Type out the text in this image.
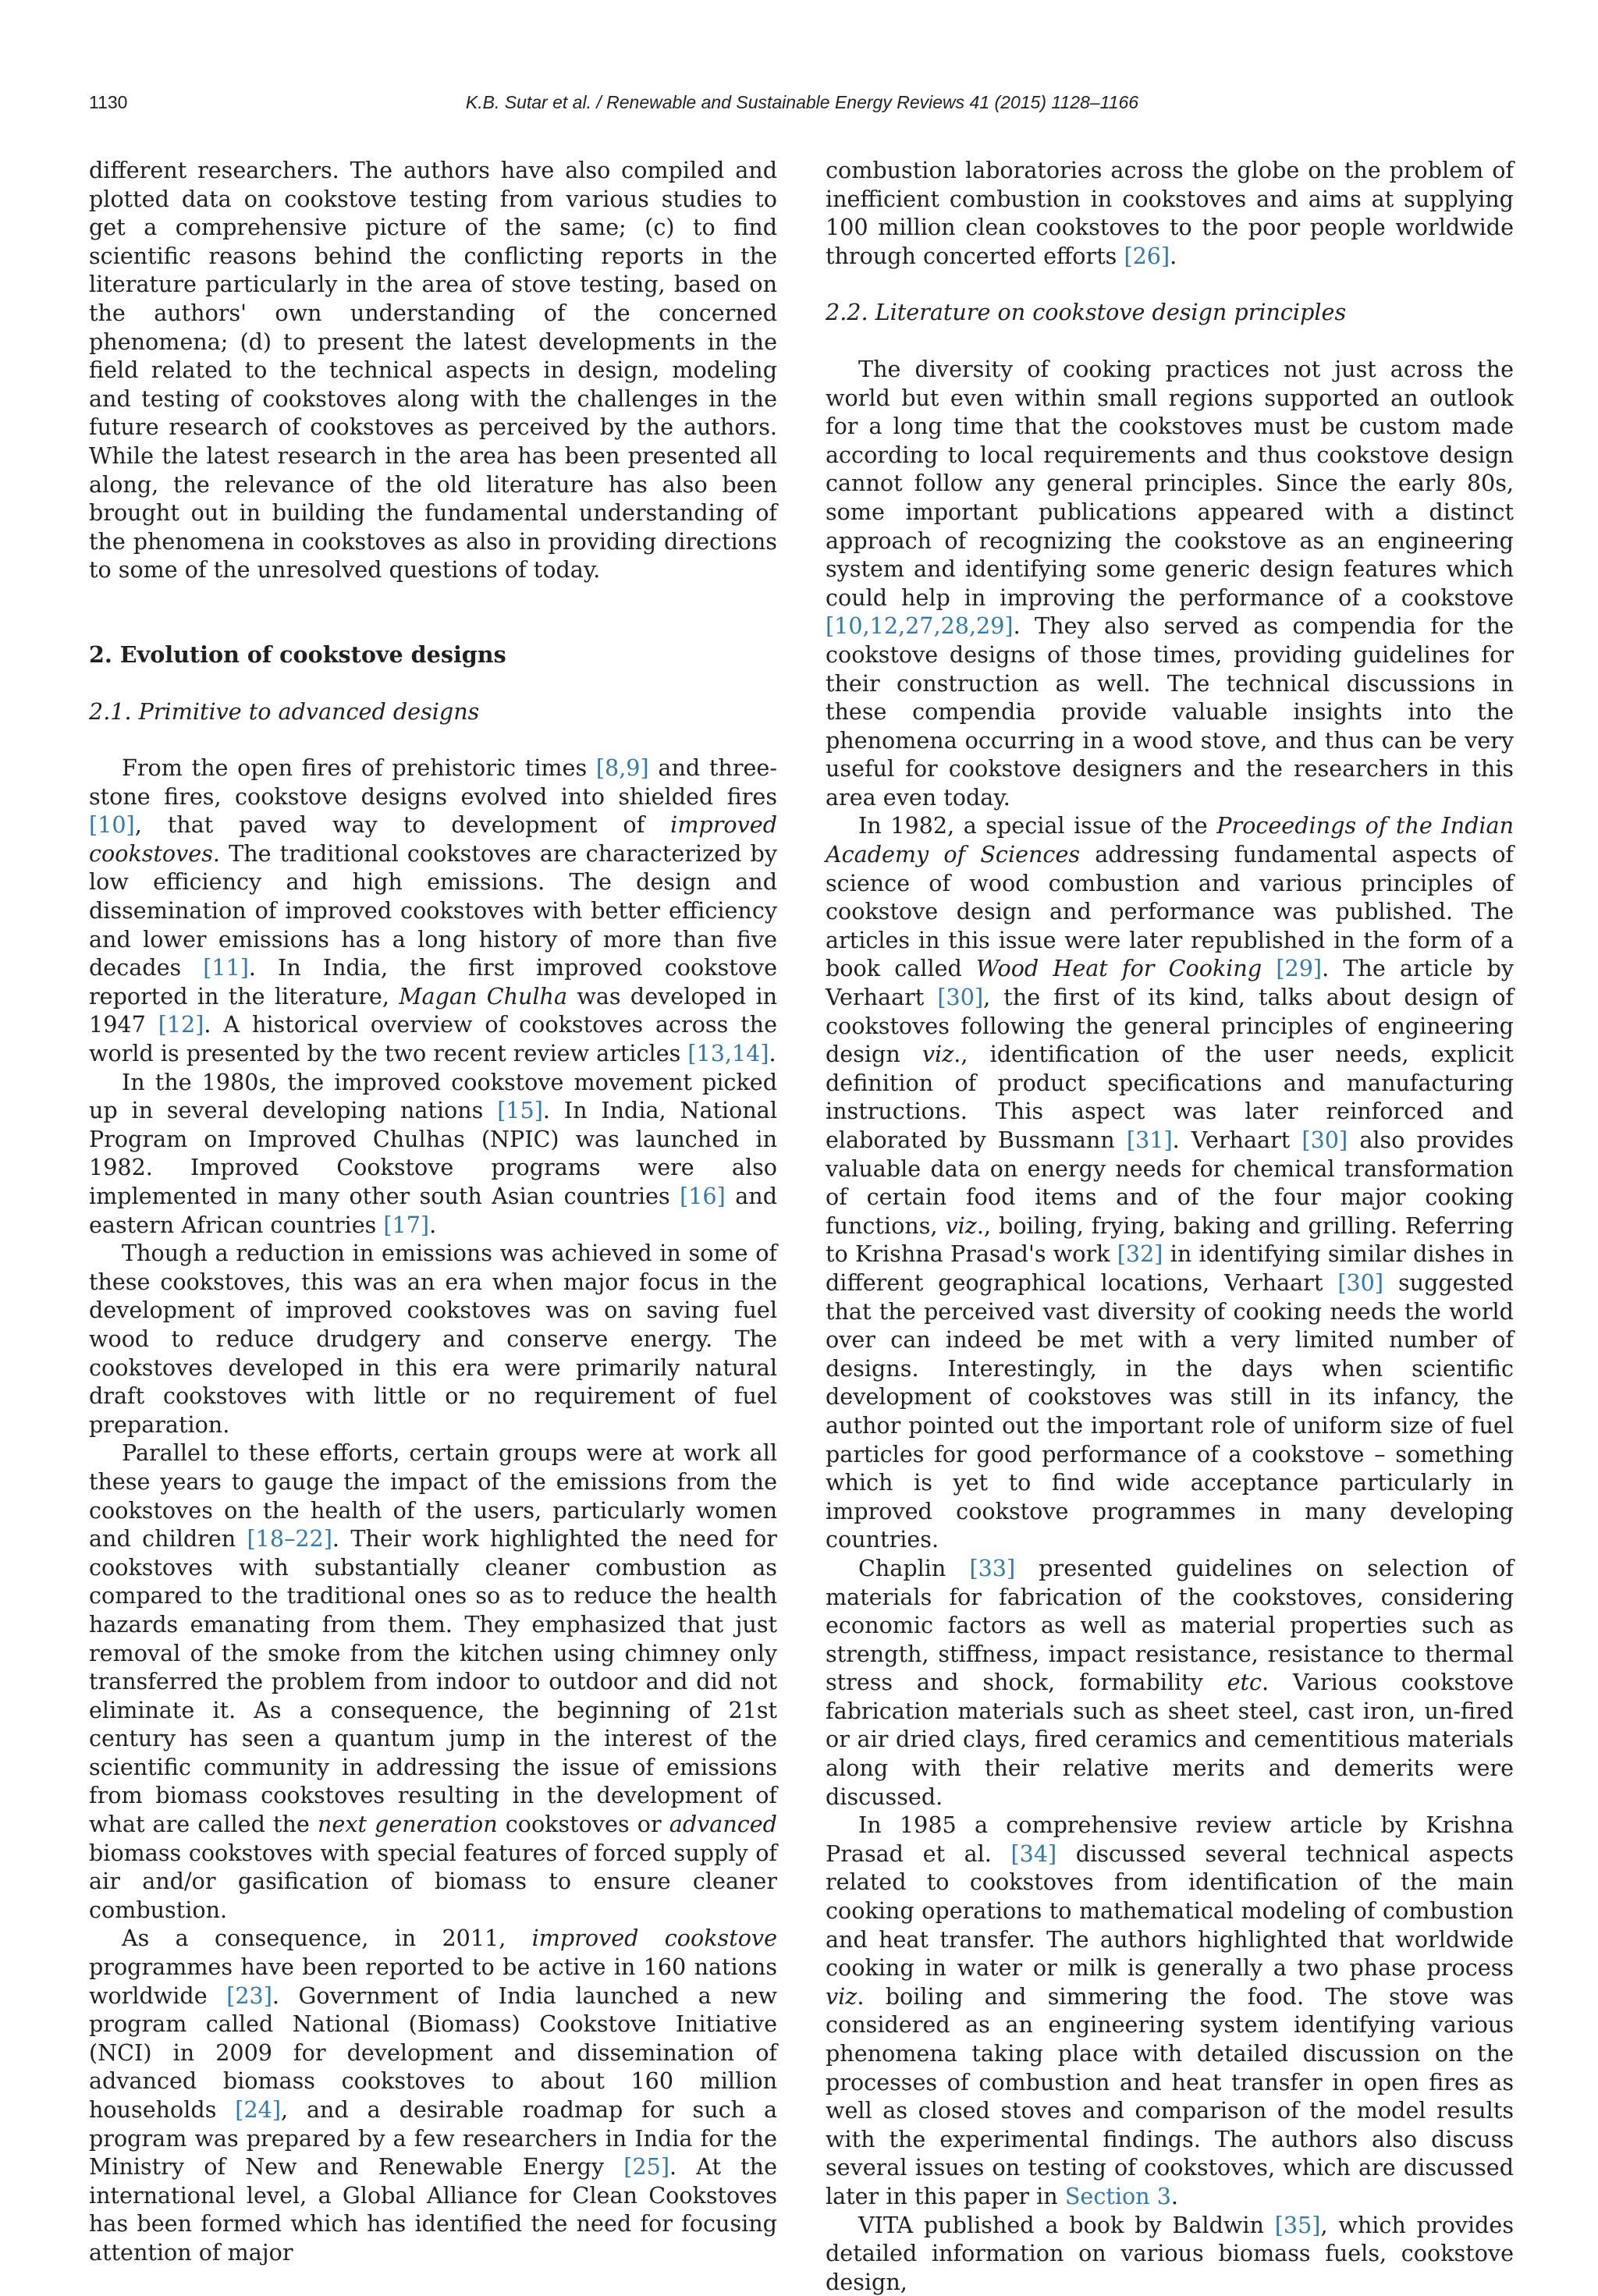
1130	K.B. Sutar et al. / Renewable and Sustainable Energy Reviews 41 (2015) 1128–1166

different researchers. The authors have also compiled and plotted data on cookstove testing from various studies to get a comprehensive picture of the same; (c) to find scientific reasons behind the conflicting reports in the literature particularly in the area of stove testing, based on the authors' own understanding of the concerned phenomena; (d) to present the latest developments in the field related to the technical aspects in design, modeling and testing of cookstoves along with the challenges in the future research of cookstoves as perceived by the authors. While the latest research in the area has been presented all along, the relevance of the old literature has also been brought out in building the fundamental understanding of the phenomena in cookstoves as also in providing directions to some of the unresolved questions of today.

2. Evolution of cookstove designs
2.1. Primitive to advanced designs

From the open fires of prehistoric times [8,9] and three-stone fires, cookstove designs evolved into shielded fires [10], that paved way to development of improved cookstoves. The traditional cookstoves are characterized by low efficiency and high emissions. The design and dissemination of improved cookstoves with better efficiency and lower emissions has a long history of more than five decades [11]. In India, the first improved cookstove reported in the literature, Magan Chulha was developed in 1947 [12]. A historical overview of cookstoves across the world is presented by the two recent review articles [13,14].

In the 1980s, the improved cookstove movement picked up in several developing nations [15]. In India, National Program on Improved Chulhas (NPIC) was launched in 1982. Improved Cookstove programs were also implemented in many other south Asian countries [16] and eastern African countries [17].

Though a reduction in emissions was achieved in some of these cookstoves, this was an era when major focus in the development of improved cookstoves was on saving fuel wood to reduce drudgery and conserve energy. The cookstoves developed in this era were primarily natural draft cookstoves with little or no requirement of fuel preparation.

Parallel to these efforts, certain groups were at work all these years to gauge the impact of the emissions from the cookstoves on the health of the users, particularly women and children [18–22]. Their work highlighted the need for cookstoves with substantially cleaner combustion as compared to the traditional ones so as to reduce the health hazards emanating from them. They emphasized that just removal of the smoke from the kitchen using chimney only transferred the problem from indoor to outdoor and did not eliminate it. As a consequence, the beginning of 21st century has seen a quantum jump in the interest of the scientific community in addressing the issue of emissions from biomass cookstoves resulting in the development of what are called the next generation cookstoves or advanced biomass cookstoves with special features of forced supply of air and/or gasification of biomass to ensure cleaner combustion.

As a consequence, in 2011, improved cookstove programmes have been reported to be active in 160 nations worldwide [23]. Government of India launched a new program called National (Biomass) Cookstove Initiative (NCI) in 2009 for development and dissemination of advanced biomass cookstoves to about 160 million households [24], and a desirable roadmap for such a program was prepared by a few researchers in India for the Ministry of New and Renewable Energy [25]. At the international level, a Global Alliance for Clean Cookstoves has been formed which has identified the need for focusing attention of major

combustion laboratories across the globe on the problem of inefficient combustion in cookstoves and aims at supplying 100 million clean cookstoves to the poor people worldwide through concerted efforts [26].

2.2. Literature on cookstove design principles

The diversity of cooking practices not just across the world but even within small regions supported an outlook for a long time that the cookstoves must be custom made according to local requirements and thus cookstove design cannot follow any general principles. Since the early 80s, some important publications appeared with a distinct approach of recognizing the cookstove as an engineering system and identifying some generic design features which could help in improving the performance of a cookstove [10,12,27,28,29]. They also served as compendia for the cookstove designs of those times, providing guidelines for their construction as well. The technical discussions in these compendia provide valuable insights into the phenomena occurring in a wood stove, and thus can be very useful for cookstove designers and the researchers in this area even today.

In 1982, a special issue of the Proceedings of the Indian Academy of Sciences addressing fundamental aspects of science of wood combustion and various principles of cookstove design and performance was published. The articles in this issue were later republished in the form of a book called Wood Heat for Cooking [29]. The article by Verhaart [30], the first of its kind, talks about design of cookstoves following the general principles of engineering design viz., identification of the user needs, explicit definition of product specifications and manufacturing instructions. This aspect was later reinforced and elaborated by Bussmann [31]. Verhaart [30] also provides valuable data on energy needs for chemical transformation of certain food items and of the four major cooking functions, viz., boiling, frying, baking and grilling. Referring to Krishna Prasad's work [32] in identifying similar dishes in different geographical locations, Verhaart [30] suggested that the perceived vast diversity of cooking needs the world over can indeed be met with a very limited number of designs. Interestingly, in the days when scientific development of cookstoves was still in its infancy, the author pointed out the important role of uniform size of fuel particles for good performance of a cookstove – something which is yet to find wide acceptance particularly in improved cookstove programmes in many developing countries.

Chaplin [33] presented guidelines on selection of materials for fabrication of the cookstoves, considering economic factors as well as material properties such as strength, stiffness, impact resistance, resistance to thermal stress and shock, formability etc. Various cookstove fabrication materials such as sheet steel, cast iron, un-fired or air dried clays, fired ceramics and cementitious materials along with their relative merits and demerits were discussed.

In 1985 a comprehensive review article by Krishna Prasad et al. [34] discussed several technical aspects related to cookstoves from identification of the main cooking operations to mathematical modeling of combustion and heat transfer. The authors highlighted that worldwide cooking in water or milk is generally a two phase process viz. boiling and simmering the food. The stove was considered as an engineering system identifying various phenomena taking place with detailed discussion on the processes of combustion and heat transfer in open fires as well as closed stoves and comparison of the model results with the experimental findings. The authors also discuss several issues on testing of cookstoves, which are discussed later in this paper in Section 3.

VITA published a book by Baldwin [35], which provides detailed information on various biomass fuels, cookstove design,
